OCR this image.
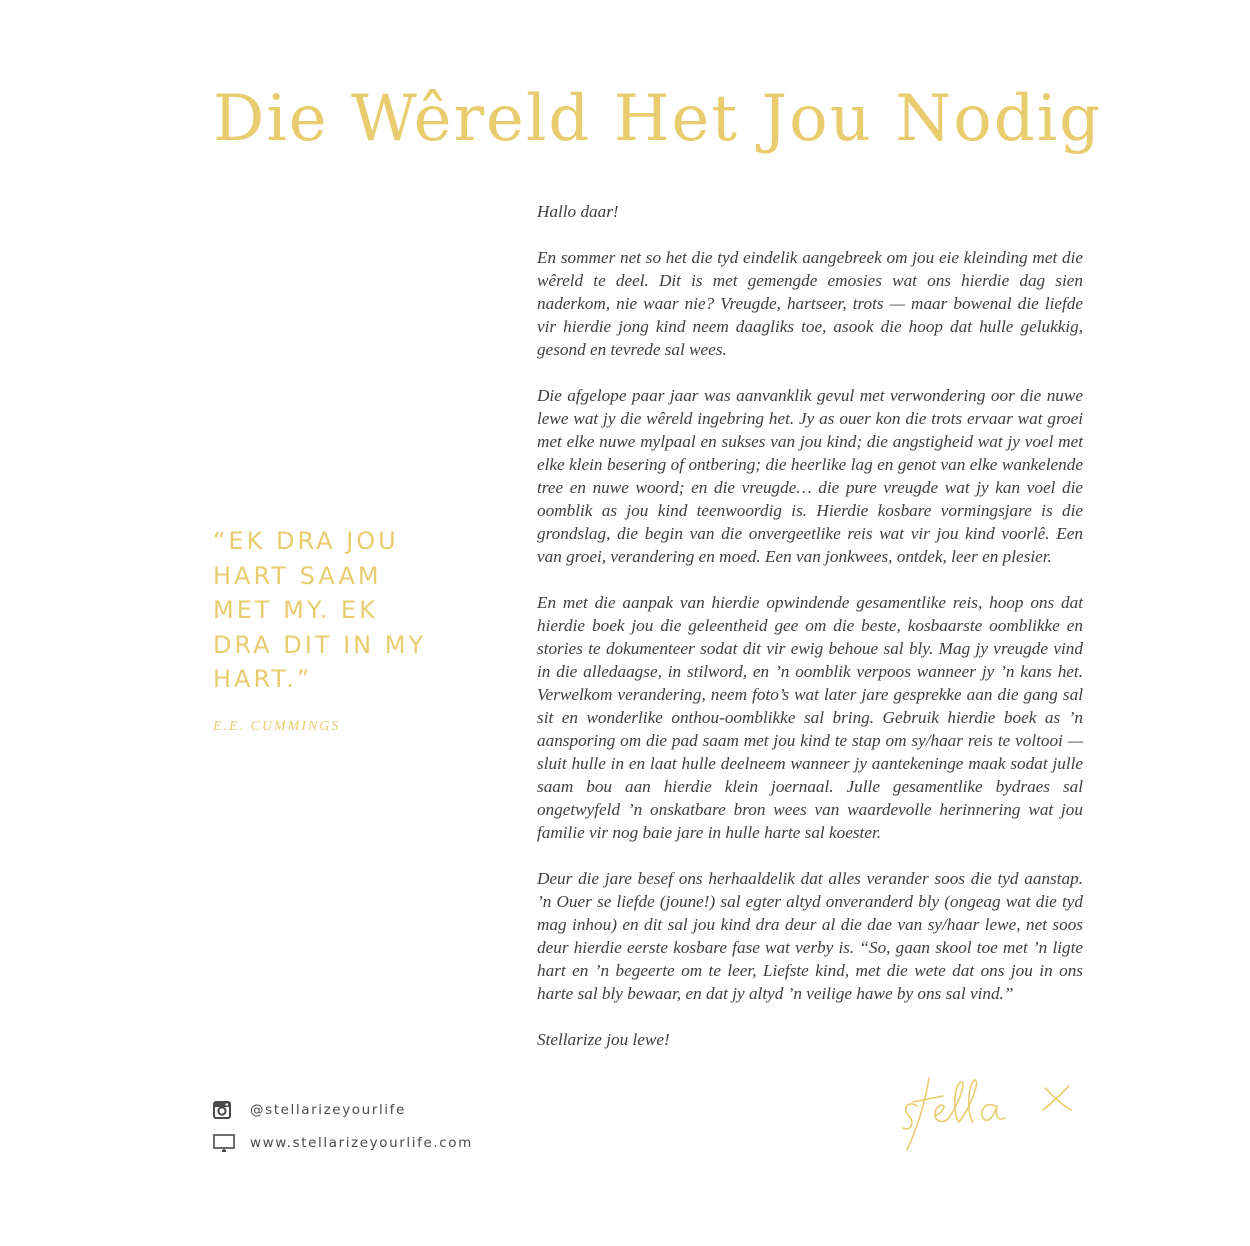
Die Wêreld Het Jou Nodig

Hallo daar!

En sommer net so het die tyd eindelik aangebreek om jou eie kleinding met die wêreld te deel. Dit is met gemengde emosies wat ons hierdie dag sien naderkom, nie waar nie? Vreugde, hartseer, trots — maar bowenal die liefde vir hierdie jong kind neem daagliks toe, asook die hoop dat hulle gelukkig, gesond en tevrede sal wees.

Die afgelope paar jaar was aanvanklik gevul met verwondering oor die nuwe lewe wat jy die wêreld ingebring het. Jy as ouer kon die trots ervaar wat groei met elke nuwe mylpaal en sukses van jou kind; die angstigheid wat jy voel met elke klein besering of ontbering; die heerlike lag en genot van elke wankelende tree en nuwe woord; en die vreugde… die pure vreugde wat jy kan voel die oomblik as jou kind teenwoordig is. Hierdie kosbare vormingsjare is die grondslag, die begin van die onvergeetlike reis wat vir jou kind voorlê. Een van groei, verandering en moed. Een van jonkwees, ontdek, leer en plesier.

En met die aanpak van hierdie opwindende gesamentlike reis, hoop ons dat hierdie boek jou die geleentheid gee om die beste, kosbaarste oomblikke en stories te dokumenteer sodat dit vir ewig behoue sal bly. Mag jy vreugde vind in die alledaagse, in stilword, en ’n oomblik verpoos wanneer jy ’n kans het. Verwelkom verandering, neem foto’s wat later jare gesprekke aan die gang sal sit en wonderlike onthou-oomblikke sal bring. Gebruik hierdie boek as ’n aansporing om die pad saam met jou kind te stap om sy/haar reis te voltooi — sluit hulle in en laat hulle deelneem wanneer jy aantekeninge maak sodat julle saam bou aan hierdie klein joernaal. Julle gesamentlike bydraes sal ongetwyfeld ’n onskatbare bron wees van waardevolle herinnering wat jou familie vir nog baie jare in hulle harte sal koester.

Deur die jare besef ons herhaaldelik dat alles verander soos die tyd aanstap. ’n Ouer se liefde (joune!) sal egter altyd onveranderd bly (ongeag wat die tyd mag inhou) en dit sal jou kind dra deur al die dae van sy/haar lewe, net soos deur hierdie eerste kosbare fase wat verby is. “So, gaan skool toe met ’n ligte hart en ’n begeerte om te leer, Liefste kind, met die wete dat ons jou in ons harte sal bly bewaar, en dat jy altyd ’n veilige hawe by ons sal vind.”

Stellarize jou lewe!

“EK DRA JOU HART SAAM MET MY. EK DRA DIT IN MY HART.”

E.E. CUMMINGS
@stellarizeyourlife
www.stellarizeyourlife.com
